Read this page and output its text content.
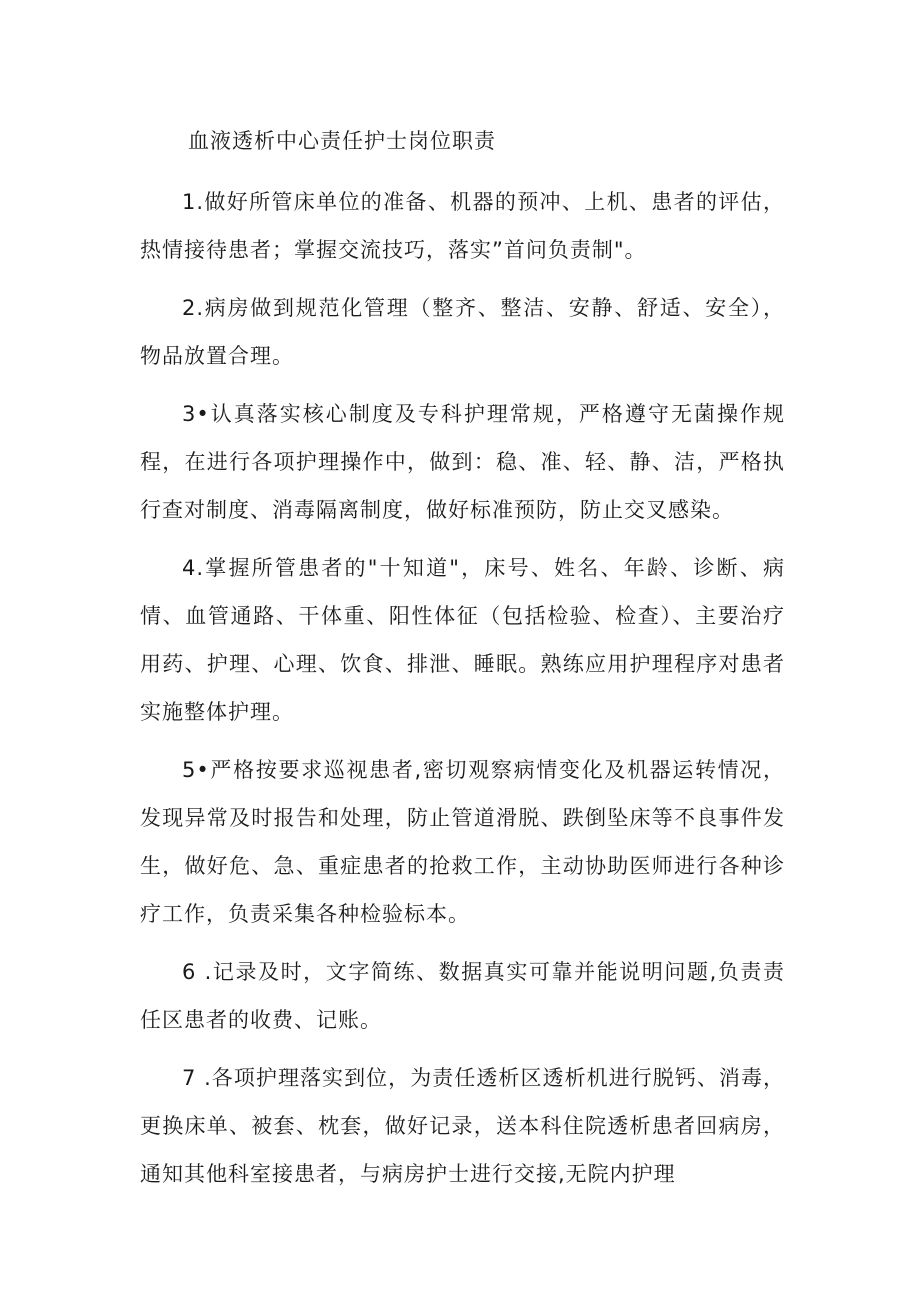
血液透析中心责任护士岗位职责

1.做好所管床单位的准备、机器的预冲、上机、患者的评估，热情接待患者；掌握交流技巧，落实”首问负责制"。

2.病房做到规范化管理（整齐、整洁、安静、舒适、安全），物品放置合理。

3•认真落实核心制度及专科护理常规，严格遵守无菌操作规程，在进行各项护理操作中，做到：稳、准、轻、静、洁，严格执行查对制度、消毒隔离制度，做好标准预防，防止交叉感染。

4.掌握所管患者的"十知道"，床号、姓名、年龄、诊断、病情、血管通路、干体重、阳性体征（包括检验、检查）、主要治疗用药、护理、心理、饮食、排泄、睡眠。熟练应用护理程序对患者实施整体护理。

5•严格按要求巡视患者,密切观察病情变化及机器运转情况，发现异常及时报告和处理，防止管道滑脱、跌倒坠床等不良事件发生，做好危、急、重症患者的抢救工作，主动协助医师进行各种诊疗工作，负责采集各种检验标本。

6 .记录及时，文字简练、数据真实可靠并能说明问题,负责责任区患者的收费、记账。

7 .各项护理落实到位，为责任透析区透析机进行脱钙、消毒，更换床单、被套、枕套，做好记录，送本科住院透析患者回病房，通知其他科室接患者，与病房护士进行交接,无院内护理
